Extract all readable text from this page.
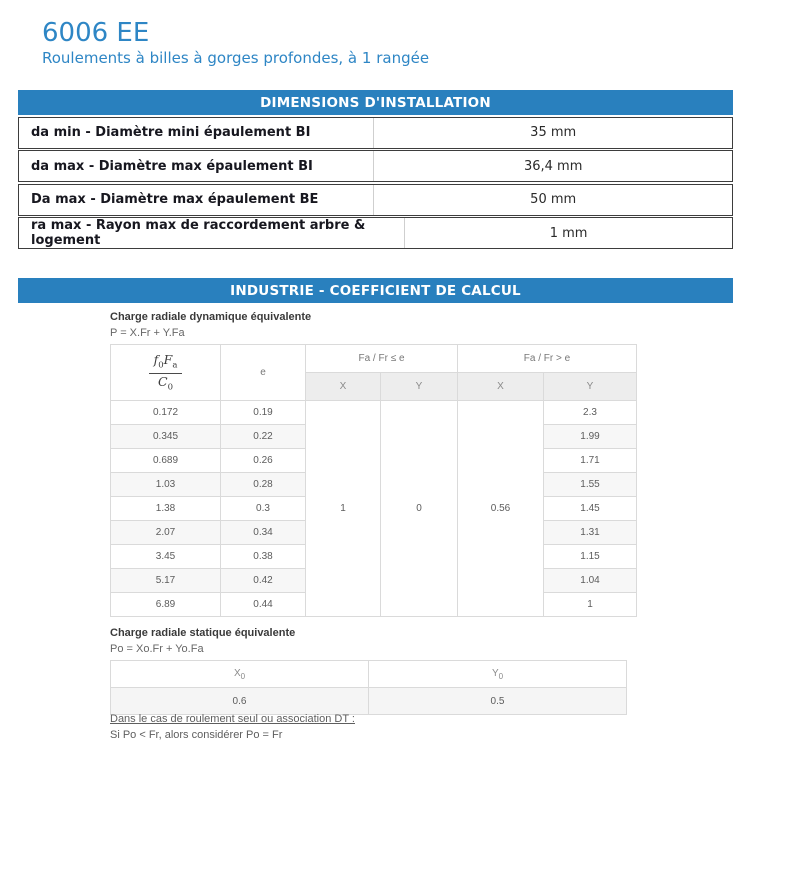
6006 EE
Roulements à billes à gorges profondes, à 1 rangée
DIMENSIONS D'INSTALLATION
da min - Diamètre mini épaulement BI	35 mm
da max - Diamètre max épaulement BI	36,4 mm
Da max - Diamètre max épaulement BE	50 mm
ra max - Rayon max de raccordement arbre & logement	1 mm
INDUSTRIE - COEFFICIENT DE CALCUL
Charge radiale dynamique équivalente
P = X.Fr + Y.Fa
$\frac{f_0F_a}{C_0}$	e	Fa / Fr ≤ e		Fa / Fr > e	
		X	Y	X	Y
0.172	0.19	1	0	0.56	2.3
0.345	0.22				1.99
0.689	0.26				1.71
1.03	0.28				1.55
1.38	0.3				1.45
2.07	0.34				1.31
3.45	0.38				1.15
5.17	0.42				1.04
6.89	0.44				1
Charge radiale statique équivalente
Po = Xo.Fr + Yo.Fa
$X_0$	$Y_0$
0.6	0.5
Dans le cas de roulement seul ou association DT :
Si Po < Fr, alors considérer Po = Fr
